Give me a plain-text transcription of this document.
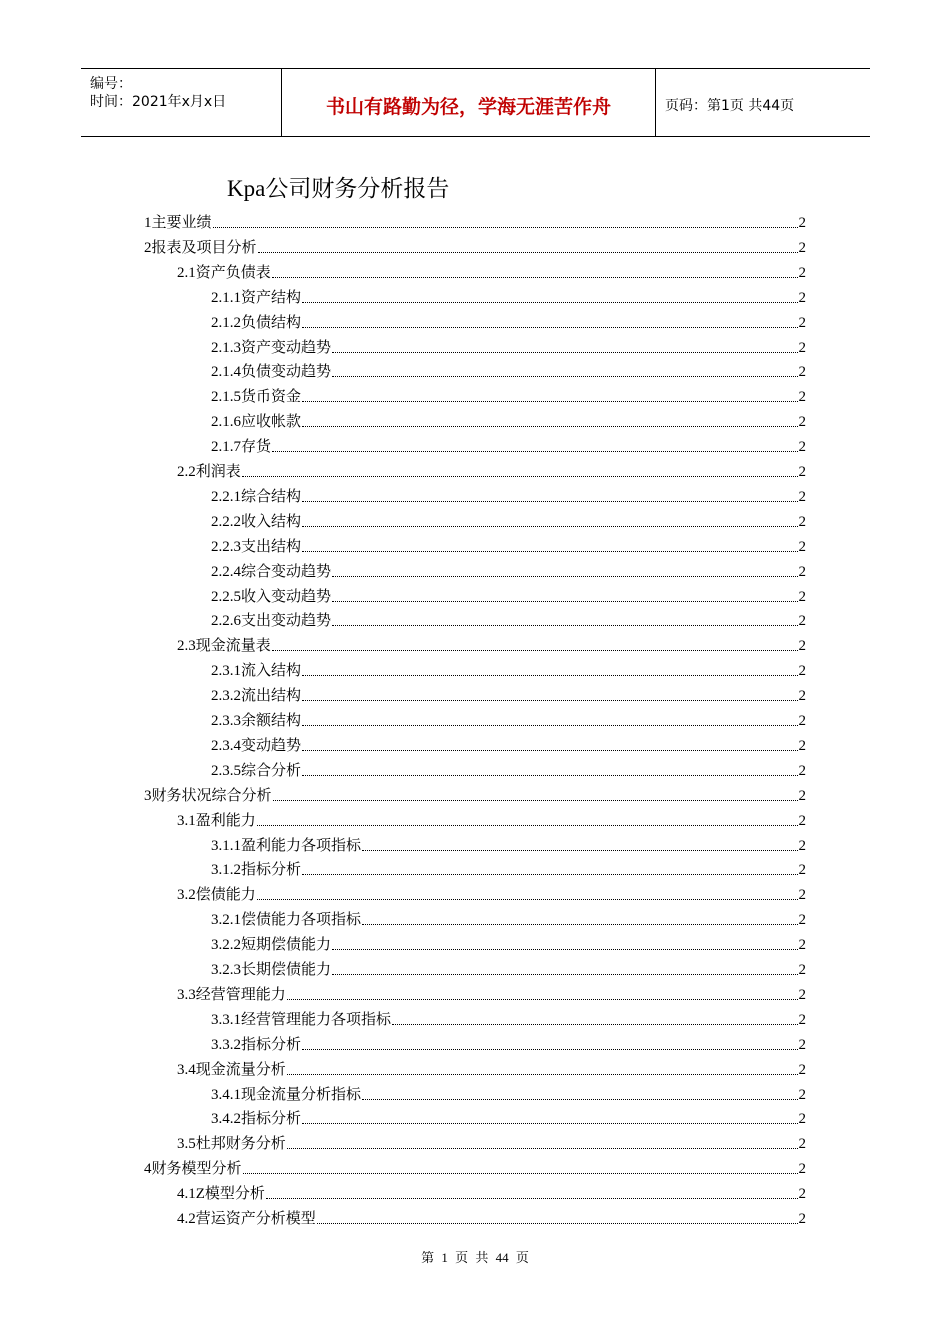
编号：
时间：2021年x月x日	书山有路勤为径，学海无涯苦作舟	页码：第1页 共44页
Kpa公司财务分析报告
1主要业绩	2
2报表及项目分析	2
2.1资产负债表	2
2.1.1资产结构	2
2.1.2负债结构	2
2.1.3资产变动趋势	2
2.1.4负债变动趋势	2
2.1.5货币资金	2
2.1.6应收帐款	2
2.1.7存货	2
2.2利润表	2
2.2.1综合结构	2
2.2.2收入结构	2
2.2.3支出结构	2
2.2.4综合变动趋势	2
2.2.5收入变动趋势	2
2.2.6支出变动趋势	2
2.3现金流量表	2
2.3.1流入结构	2
2.3.2流出结构	2
2.3.3余额结构	2
2.3.4变动趋势	2
2.3.5综合分析	2
3财务状况综合分析	2
3.1盈利能力	2
3.1.1盈利能力各项指标	2
3.1.2指标分析	2
3.2偿债能力	2
3.2.1偿债能力各项指标	2
3.2.2短期偿债能力	2
3.2.3长期偿债能力	2
3.3经营管理能力	2
3.3.1经营管理能力各项指标	2
3.3.2指标分析	2
3.4现金流量分析	2
3.4.1现金流量分析指标	2
3.4.2指标分析	2
3.5杜邦财务分析	2
4财务模型分析	2
4.1Z模型分析	2
4.2营运资产分析模型	2
第 1 页 共 44 页
